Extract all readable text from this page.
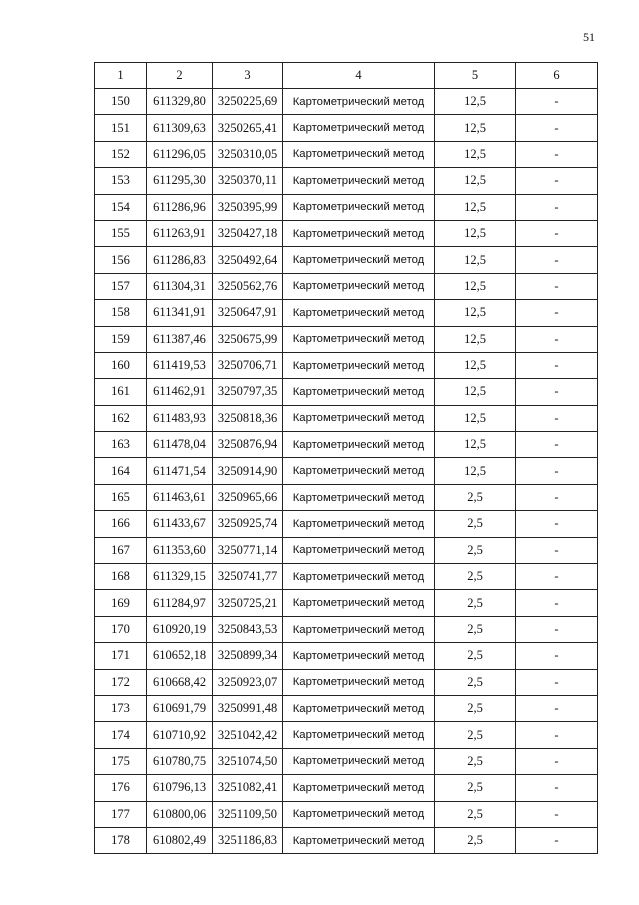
51
1	2	3	4	5	6
150	611329,80	3250225,69	Картометрический метод	12,5	-
151	611309,63	3250265,41	Картометрический метод	12,5	-
152	611296,05	3250310,05	Картометрический метод	12,5	-
153	611295,30	3250370,11	Картометрический метод	12,5	-
154	611286,96	3250395,99	Картометрический метод	12,5	-
155	611263,91	3250427,18	Картометрический метод	12,5	-
156	611286,83	3250492,64	Картометрический метод	12,5	-
157	611304,31	3250562,76	Картометрический метод	12,5	-
158	611341,91	3250647,91	Картометрический метод	12,5	-
159	611387,46	3250675,99	Картометрический метод	12,5	-
160	611419,53	3250706,71	Картометрический метод	12,5	-
161	611462,91	3250797,35	Картометрический метод	12,5	-
162	611483,93	3250818,36	Картометрический метод	12,5	-
163	611478,04	3250876,94	Картометрический метод	12,5	-
164	611471,54	3250914,90	Картометрический метод	12,5	-
165	611463,61	3250965,66	Картометрический метод	2,5	-
166	611433,67	3250925,74	Картометрический метод	2,5	-
167	611353,60	3250771,14	Картометрический метод	2,5	-
168	611329,15	3250741,77	Картометрический метод	2,5	-
169	611284,97	3250725,21	Картометрический метод	2,5	-
170	610920,19	3250843,53	Картометрический метод	2,5	-
171	610652,18	3250899,34	Картометрический метод	2,5	-
172	610668,42	3250923,07	Картометрический метод	2,5	-
173	610691,79	3250991,48	Картометрический метод	2,5	-
174	610710,92	3251042,42	Картометрический метод	2,5	-
175	610780,75	3251074,50	Картометрический метод	2,5	-
176	610796,13	3251082,41	Картометрический метод	2,5	-
177	610800,06	3251109,50	Картометрический метод	2,5	-
178	610802,49	3251186,83	Картометрический метод	2,5	-
